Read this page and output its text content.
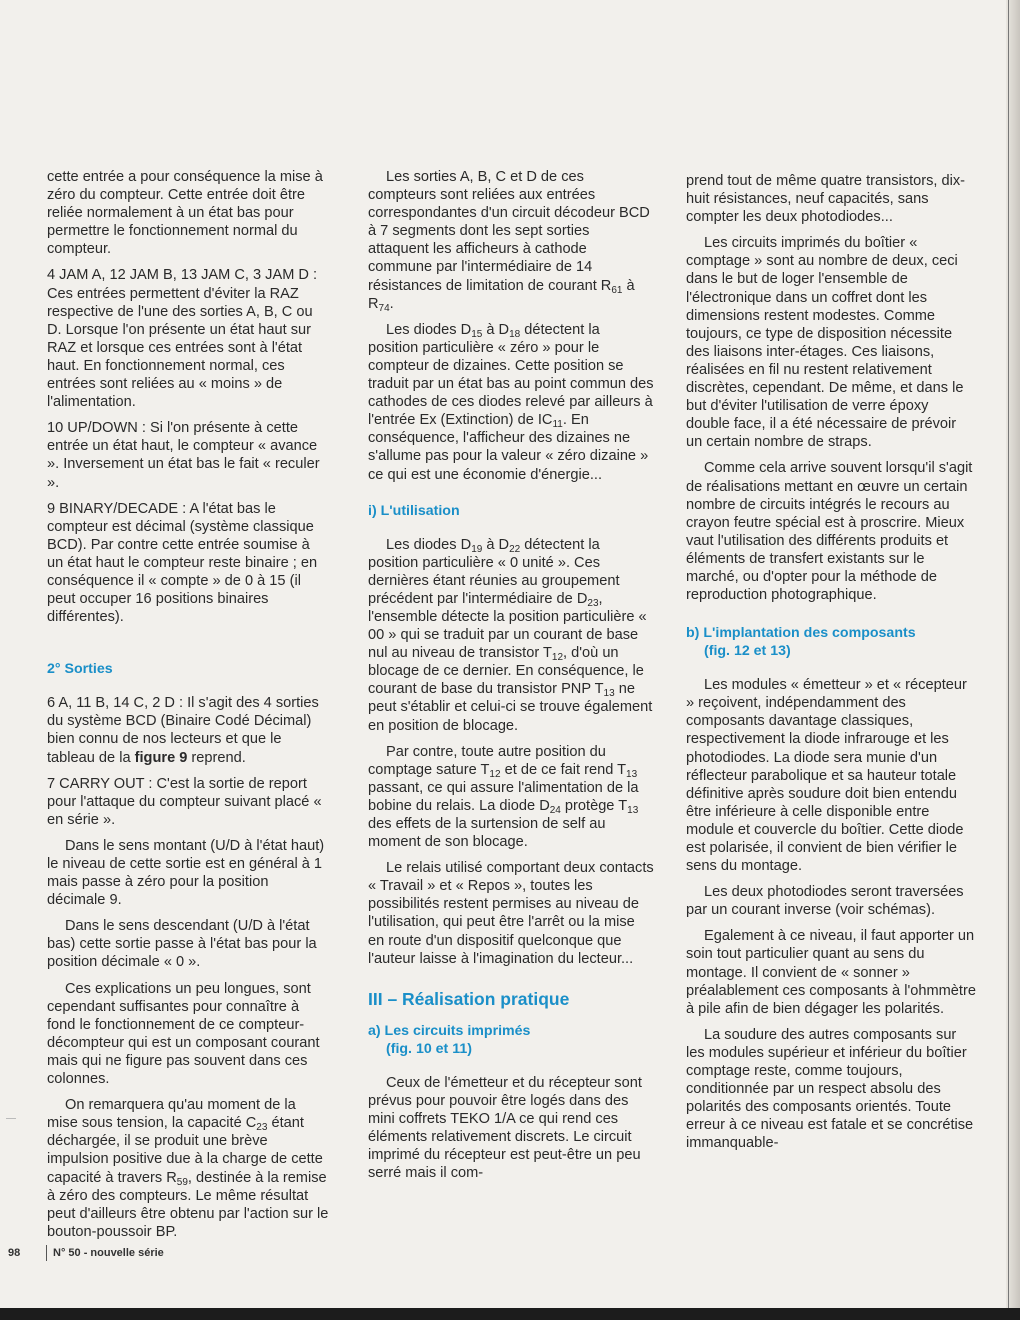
cette entrée a pour conséquence la mise à zéro du compteur. Cette entrée doit être reliée normalement à un état bas pour permettre le fonctionnement normal du compteur.

4 JAM A, 12 JAM B, 13 JAM C, 3 JAM D : Ces entrées permettent d'éviter la RAZ respective de l'une des sorties A, B, C ou D. Lorsque l'on présente un état haut sur RAZ et lorsque ces entrées sont à l'état haut. En fonctionnement normal, ces entrées sont reliées au « moins » de l'alimentation.

10 UP/DOWN : Si l'on présente à cette entrée un état haut, le compteur « avance ». Inversement un état bas le fait « reculer ».

9 BINARY/DECADE : A l'état bas le compteur est décimal (système classique BCD). Par contre cette entrée soumise à un état haut le compteur reste binaire ; en conséquence il « compte » de 0 à 15 (il peut occuper 16 positions binaires différentes).

2° Sorties

6 A, 11 B, 14 C, 2 D : Il s'agit des 4 sorties du système BCD (Binaire Codé Décimal) bien connu de nos lecteurs et que le tableau de la figure 9 reprend.

7 CARRY OUT : C'est la sortie de report pour l'attaque du compteur suivant placé « en série ».

Dans le sens montant (U/D à l'état haut) le niveau de cette sortie est en général à 1 mais passe à zéro pour la position décimale 9.

Dans le sens descendant (U/D à l'état bas) cette sortie passe à l'état bas pour la position décimale « 0 ».

Ces explications un peu longues, sont cependant suffisantes pour connaître à fond le fonctionnement de ce compteur-décompteur qui est un composant courant mais qui ne figure pas souvent dans ces colonnes.

On remarquera qu'au moment de la mise sous tension, la capacité $C_{23}$ étant déchargée, il se produit une brève impulsion positive due à la charge de cette capacité à travers $R_{59}$, destinée à la remise à zéro des compteurs. Le même résultat peut d'ailleurs être obtenu par l'action sur le bouton-poussoir BP.

Les sorties A, B, C et D de ces compteurs sont reliées aux entrées correspondantes d'un circuit décodeur BCD à 7 segments dont les sept sorties attaquent les afficheurs à cathode commune par l'intermédiaire de 14 résistances de limitation de courant $R_{61}$ à $R_{74}$.

Les diodes $D_{15}$ à $D_{18}$ détectent la position particulière « zéro » pour le compteur de dizaines. Cette position se traduit par un état bas au point commun des cathodes de ces diodes relevé par ailleurs à l'entrée Ex (Extinction) de $IC_{11}$. En conséquence, l'afficheur des dizaines ne s'allume pas pour la valeur « zéro dizaine » ce qui est une économie d'énergie...

i) L'utilisation

Les diodes $D_{19}$ à $D_{22}$ détectent la position particulière « 0 unité ». Ces dernières étant réunies au groupement précédent par l'intermédiaire de $D_{23}$, l'ensemble détecte la position particulière « 00 » qui se traduit par un courant de base nul au niveau de transistor $T_{12}$, d'où un blocage de ce dernier. En conséquence, le courant de base du transistor PNP $T_{13}$ ne peut s'établir et celui-ci se trouve également en position de blocage.

Par contre, toute autre position du comptage sature $T_{12}$ et de ce fait rend $T_{13}$ passant, ce qui assure l'alimentation de la bobine du relais. La diode $D_{24}$ protège $T_{13}$ des effets de la surtension de self au moment de son blocage.

Le relais utilisé comportant deux contacts « Travail » et « Repos », toutes les possibilités restent permises au niveau de l'utilisation, qui peut être l'arrêt ou la mise en route d'un dispositif quelconque que l'auteur laisse à l'imagination du lecteur...

III – Réalisation pratique
a) Les circuits imprimés
(fig. 10 et 11)

Ceux de l'émetteur et du récepteur sont prévus pour pouvoir être logés dans des mini coffrets TEKO 1/A ce qui rend ces éléments relativement discrets. Le circuit imprimé du récepteur est peut-être un peu serré mais il com-

prend tout de même quatre transistors, dix-huit résistances, neuf capacités, sans compter les deux photodiodes...

Les circuits imprimés du boîtier « comptage » sont au nombre de deux, ceci dans le but de loger l'ensemble de l'électronique dans un coffret dont les dimensions restent modestes. Comme toujours, ce type de disposition nécessite des liaisons inter-étages. Ces liaisons, réalisées en fil nu restent relativement discrètes, cependant. De même, et dans le but d'éviter l'utilisation de verre époxy double face, il a été nécessaire de prévoir un certain nombre de straps.

Comme cela arrive souvent lorsqu'il s'agit de réalisations mettant en œuvre un certain nombre de circuits intégrés le recours au crayon feutre spécial est à proscrire. Mieux vaut l'utilisation des différents produits et éléments de transfert existants sur le marché, ou d'opter pour la méthode de reproduction photographique.

b) L'implantation des composants
(fig. 12 et 13)

Les modules « émetteur » et « récepteur » reçoivent, indépendamment des composants davantage classiques, respectivement la diode infrarouge et les photodiodes. La diode sera munie d'un réflecteur parabolique et sa hauteur totale définitive après soudure doit bien entendu être inférieure à celle disponible entre module et couvercle du boîtier. Cette diode est polarisée, il convient de bien vérifier le sens du montage.

Les deux photodiodes seront traversées par un courant inverse (voir schémas).

Egalement à ce niveau, il faut apporter un soin tout particulier quant au sens du montage. Il convient de « sonner » préalablement ces composants à l'ohmmètre à pile afin de bien dégager les polarités.

La soudure des autres composants sur les modules supérieur et inférieur du boîtier comptage reste, comme toujours, conditionnée par un respect absolu des polarités des composants orientés. Toute erreur à ce niveau est fatale et se concrétise immanquable-

98	N° 50 - nouvelle série
